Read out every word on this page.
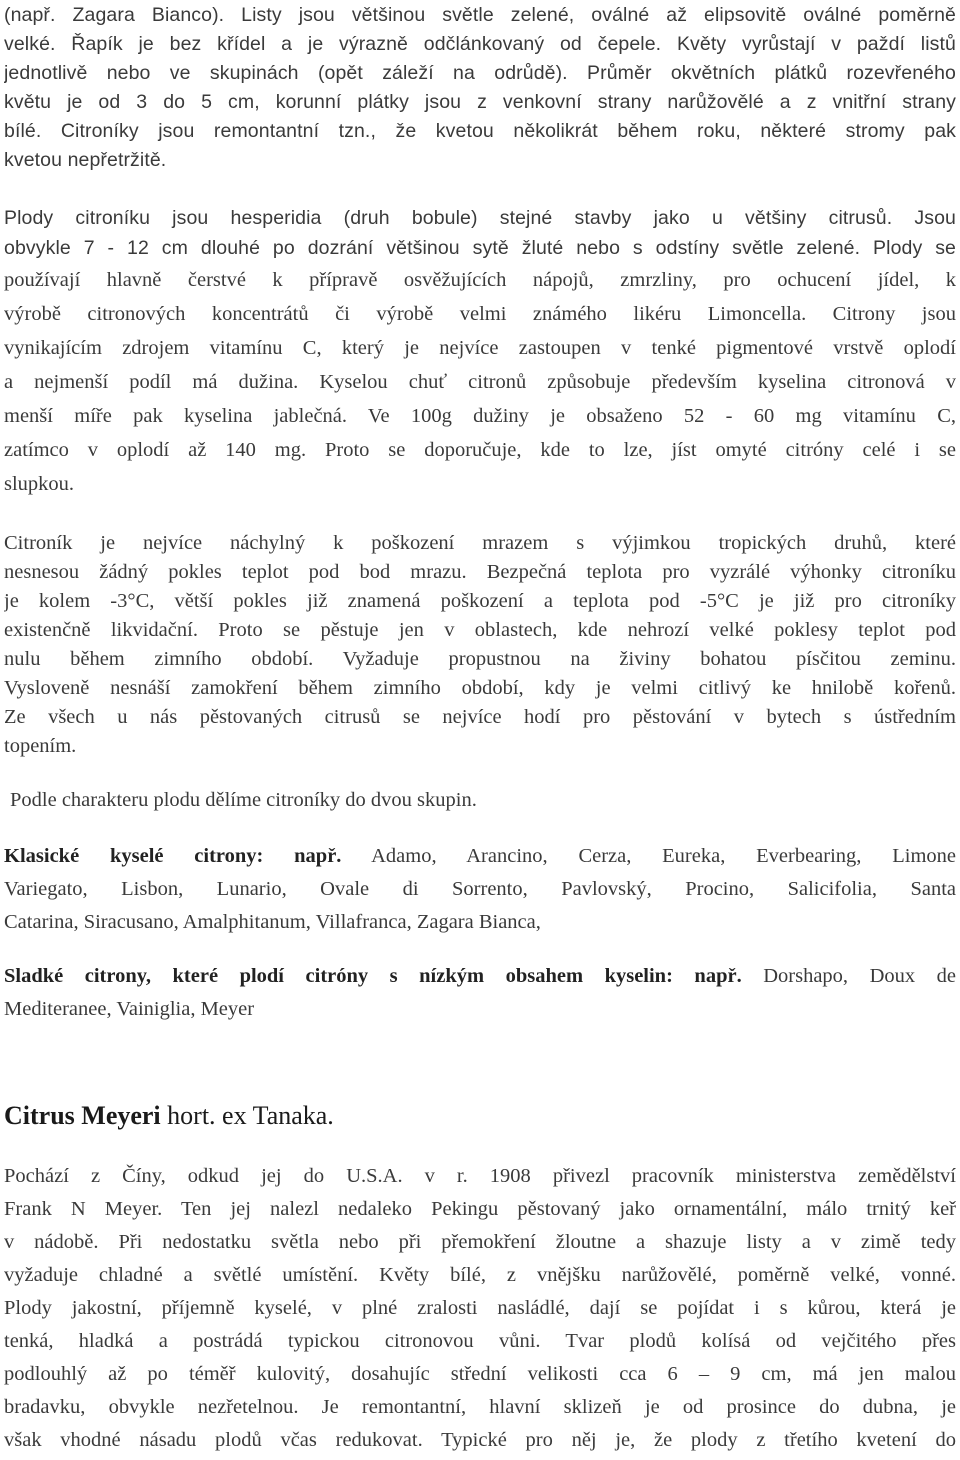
(např. Zagara Bianco). Listy jsou většinou světle zelené, oválné až elipsovitě oválné poměrně
velké. Řapík je bez křídel a je výrazně odčlánkovaný od čepele. Květy vyrůstají v paždí listů
jednotlivě nebo ve skupinách (opět záleží na odrůdě). Průměr okvětních plátků rozevřeného
květu je od 3 do 5 cm, korunní plátky jsou z venkovní strany narůžovělé a z vnitřní strany
bílé. Citroníky jsou remontantní tzn., že kvetou několikrát během roku, některé stromy pak
kvetou nepřetržitě.
Plody citroníku jsou hesperidia (druh bobule) stejné stavby jako u většiny citrusů. Jsou
obvykle 7 - 12 cm dlouhé po dozrání většinou sytě žluté nebo s odstíny světle zelené. Plody se
používají hlavně čerstvé k přípravě osvěžujících nápojů, zmrzliny, pro ochucení jídel, k
výrobě citronových koncentrátů či výrobě velmi známého likéru Limoncella. Citrony jsou
vynikajícím zdrojem vitamínu C, který je nejvíce zastoupen v tenké pigmentové vrstvě oplodí
a nejmenší podíl má dužina. Kyselou chuť citronů způsobuje především kyselina citronová v
menší míře pak kyselina jablečná. Ve 100g dužiny je obsaženo 52 - 60 mg vitamínu C,
zatímco v oplodí až 140 mg. Proto se doporučuje, kde to lze, jíst omyté citróny celé i se
slupkou.
Citroník je nejvíce náchylný k poškození mrazem s výjimkou tropických druhů, které
nesnesou žádný pokles teplot pod bod mrazu. Bezpečná teplota pro vyzrálé výhonky citroníku
je kolem -3°C, větší pokles již znamená poškození a teplota pod -5°C je již pro citroníky
existenčně likvidační. Proto se pěstuje jen v oblastech, kde nehrozí velké poklesy teplot pod
nulu během zimního období. Vyžaduje propustnou na živiny bohatou písčitou zeminu.
Vysloveně nesnáší zamokření během zimního období, kdy je velmi citlivý ke hnilobě kořenů.
Ze všech u nás pěstovaných citrusů se nejvíce hodí pro pěstování v bytech s ústředním
topením.
Podle charakteru plodu dělíme citroníky do dvou skupin.
Klasické kyselé citrony: např. Adamo, Arancino, Cerza, Eureka, Everbearing, Limone
Variegato, Lisbon, Lunario, Ovale di Sorrento, Pavlovský, Procino, Salicifolia, Santa
Catarina, Siracusano, Amalphitanum, Villafranca, Zagara Bianca,
Sladké citrony, které plodí citróny s nízkým obsahem kyselin: např. Dorshapo, Doux de
Mediteranee, Vainiglia, Meyer
Citrus Meyeri hort. ex Tanaka.
Pochází z Číny, odkud jej do U.S.A. v r. 1908 přivezl pracovník ministerstva zemědělství
Frank N Meyer. Ten jej nalezl nedaleko Pekingu pěstovaný jako ornamentální, málo trnitý keř
v nádobě. Při nedostatku světla nebo při přemokření žloutne a shazuje listy a v zimě tedy
vyžaduje chladné a světlé umístění. Květy bílé, z vnějšku narůžovělé, poměrně velké, vonné.
Plody jakostní, příjemně kyselé, v plné zralosti nasládlé, dají se pojídat i s kůrou, která je
tenká, hladká a postrádá typickou citronovou vůni. Tvar plodů kolísá od vejčitého přes
podlouhlý až po téměř kulovitý, dosahujíc střední velikosti cca 6 – 9 cm, má jen malou
bradavku, obvykle nezřetelnou. Je remontantní, hlavní sklizeň je od prosince do dubna, je
však vhodné násadu plodů včas redukovat. Typické pro něj je, že plody z třetího kvetení do
